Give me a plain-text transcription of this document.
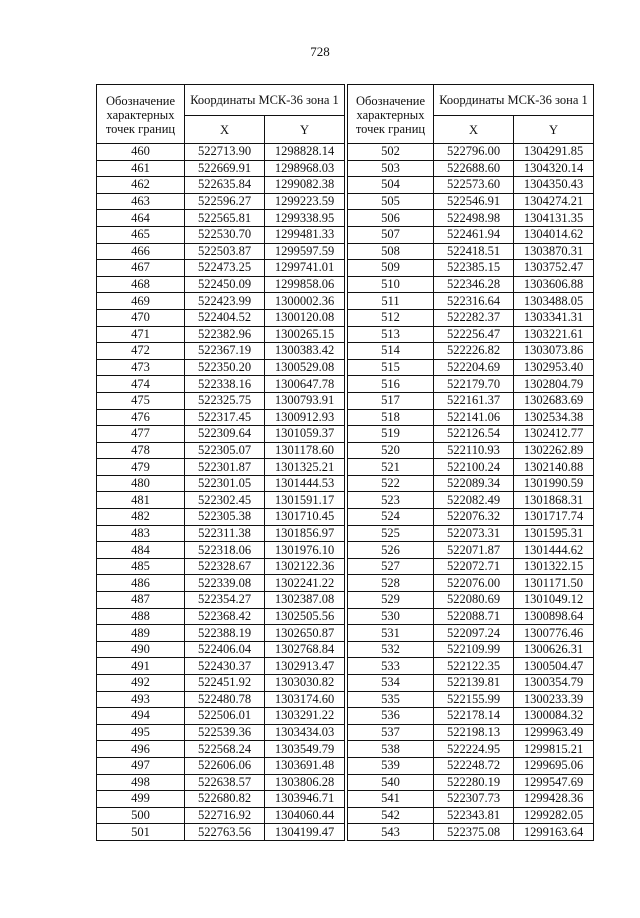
728
Обозначение характерных точек границ	Координаты МСК-36 зона 1	
	X	Y
460	522713.90	1298828.14
461	522669.91	1298968.03
462	522635.84	1299082.38
463	522596.27	1299223.59
464	522565.81	1299338.95
465	522530.70	1299481.33
466	522503.87	1299597.59
467	522473.25	1299741.01
468	522450.09	1299858.06
469	522423.99	1300002.36
470	522404.52	1300120.08
471	522382.96	1300265.15
472	522367.19	1300383.42
473	522350.20	1300529.08
474	522338.16	1300647.78
475	522325.75	1300793.91
476	522317.45	1300912.93
477	522309.64	1301059.37
478	522305.07	1301178.60
479	522301.87	1301325.21
480	522301.05	1301444.53
481	522302.45	1301591.17
482	522305.38	1301710.45
483	522311.38	1301856.97
484	522318.06	1301976.10
485	522328.67	1302122.36
486	522339.08	1302241.22
487	522354.27	1302387.08
488	522368.42	1302505.56
489	522388.19	1302650.87
490	522406.04	1302768.84
491	522430.37	1302913.47
492	522451.92	1303030.82
493	522480.78	1303174.60
494	522506.01	1303291.22
495	522539.36	1303434.03
496	522568.24	1303549.79
497	522606.06	1303691.48
498	522638.57	1303806.28
499	522680.82	1303946.71
500	522716.92	1304060.44
501	522763.56	1304199.47
Обозначение характерных точек границ	Координаты МСК-36 зона 1	
	X	Y
502	522796.00	1304291.85
503	522688.60	1304320.14
504	522573.60	1304350.43
505	522546.91	1304274.21
506	522498.98	1304131.35
507	522461.94	1304014.62
508	522418.51	1303870.31
509	522385.15	1303752.47
510	522346.28	1303606.88
511	522316.64	1303488.05
512	522282.37	1303341.31
513	522256.47	1303221.61
514	522226.82	1303073.86
515	522204.69	1302953.40
516	522179.70	1302804.79
517	522161.37	1302683.69
518	522141.06	1302534.38
519	522126.54	1302412.77
520	522110.93	1302262.89
521	522100.24	1302140.88
522	522089.34	1301990.59
523	522082.49	1301868.31
524	522076.32	1301717.74
525	522073.31	1301595.31
526	522071.87	1301444.62
527	522072.71	1301322.15
528	522076.00	1301171.50
529	522080.69	1301049.12
530	522088.71	1300898.64
531	522097.24	1300776.46
532	522109.99	1300626.31
533	522122.35	1300504.47
534	522139.81	1300354.79
535	522155.99	1300233.39
536	522178.14	1300084.32
537	522198.13	1299963.49
538	522224.95	1299815.21
539	522248.72	1299695.06
540	522280.19	1299547.69
541	522307.73	1299428.36
542	522343.81	1299282.05
543	522375.08	1299163.64
